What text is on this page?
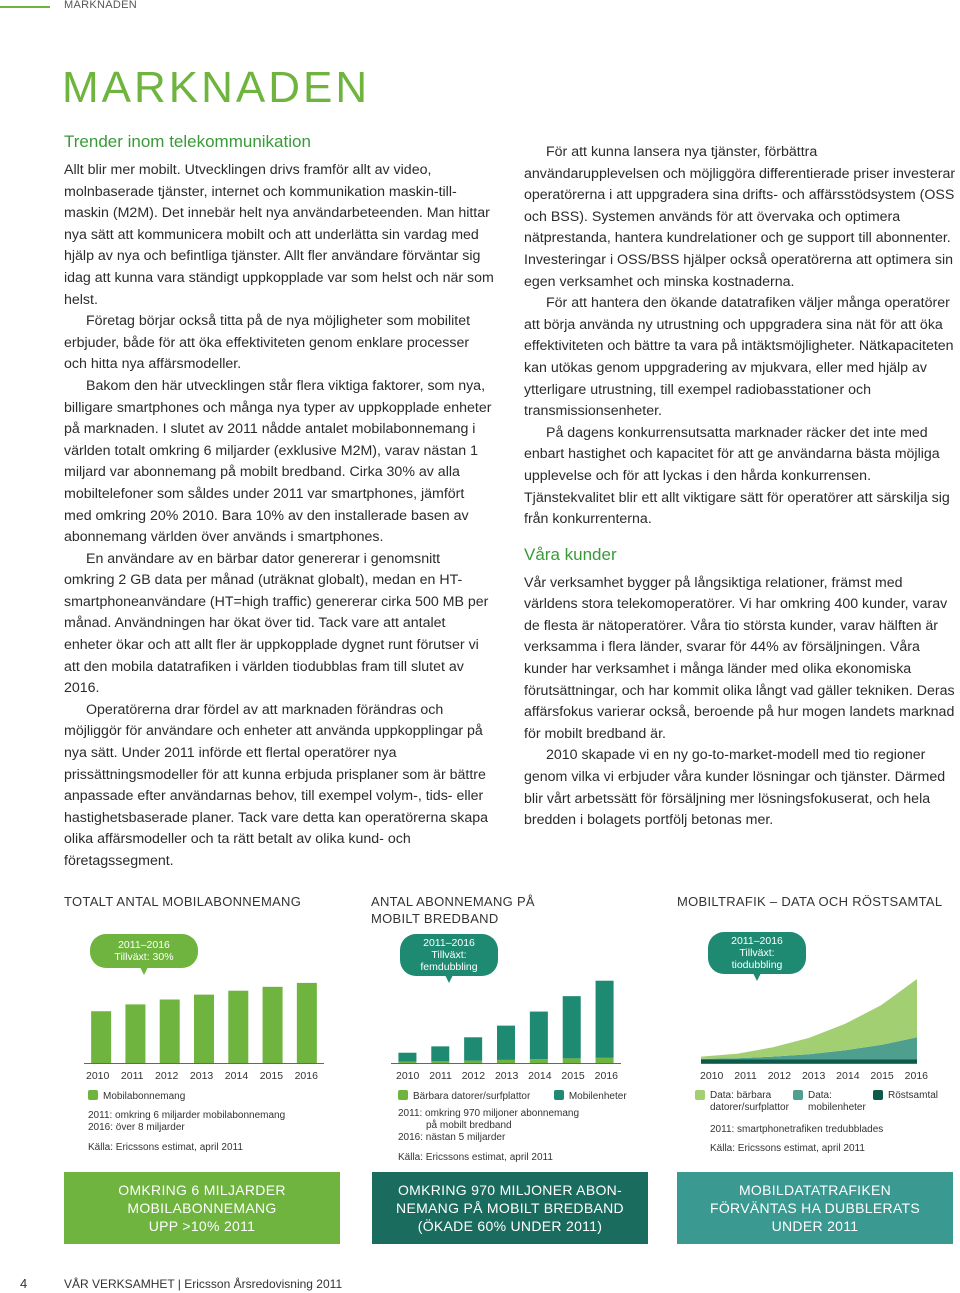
MARKNADEN
MARKNADEN
Trender inom telekommunikation

Allt blir mer mobilt. Utvecklingen drivs framför allt av video, molnbaserade tjänster, internet och kommunikation maskin-till-maskin (M2M). Det innebär helt nya användarbeteenden. Man hittar nya sätt att kommunicera mobilt och att underlätta sin vardag med hjälp av nya och befintliga tjänster. Allt fler användare förväntar sig idag att kunna vara ständigt uppkopplade var som helst och när som helst.

Företag börjar också titta på de nya möjligheter som mobilitet erbjuder, både för att öka effektiviteten genom enklare processer och hitta nya affärsmodeller.

Bakom den här utvecklingen står flera viktiga faktorer, som nya, billigare smartphones och många nya typer av uppkopplade enheter på marknaden. I slutet av 2011 nådde antalet mobilabonnemang i världen totalt omkring 6 miljarder (exklusive M2M), varav nästan 1 miljard var abonnemang på mobilt bredband. Cirka 30% av alla mobiltelefoner som såldes under 2011 var smartphones, jämfört med omkring 20% 2010. Bara 10% av den installerade basen av abonnemang världen över används i smartphones.

En användare av en bärbar dator genererar i genomsnitt omkring 2 GB data per månad (uträknat globalt), medan en HT-smartphoneanvändare (HT=high traffic) genererar cirka 500 MB per månad. Användningen har ökat över tid. Tack vare att antalet enheter ökar och att allt fler är uppkopplade dygnet runt förutser vi att den mobila datatrafiken i världen tiodubblas fram till slutet av 2016.

Operatörerna drar fördel av att marknaden förändras och möjliggör för användare och enheter att använda uppkopplingar på nya sätt. Under 2011 införde ett flertal operatörer nya prissättningsmodeller för att kunna erbjuda prisplaner som är bättre anpassade efter användarnas behov, till exempel volym-, tids- eller hastighetsbaserade planer. Tack vare detta kan operatörerna skapa olika affärsmodeller och ta rätt betalt av olika kund- och företagssegment.

För att kunna lansera nya tjänster, förbättra användarupplevelsen och möjliggöra differentierade priser investerar operatörerna i att uppgradera sina drifts- och affärsstödsystem (OSS och BSS). Systemen används för att övervaka och optimera nätprestanda, hantera kundrelationer och ge support till abonnenter. Investeringar i OSS/BSS hjälper också operatörerna att optimera sin egen verksamhet och minska kostnaderna.

För att hantera den ökande datatrafiken väljer många operatörer att börja använda ny utrustning och uppgradera sina nät för att öka effektiviteten och bättre ta vara på intäktsmöjligheter. Nätkapaciteten kan utökas genom uppgradering av mjukvara, eller med hjälp av ytterligare utrustning, till exempel radiobasstationer och transmissionsenheter.

På dagens konkurrensutsatta marknader räcker det inte med enbart hastighet och kapacitet för att ge användarna bästa möjliga upplevelse och för att lyckas i den hårda konkurrensen. Tjänstekvalitet blir ett allt viktigare sätt för operatörer att särskilja sig från konkurrenterna.

Våra kunder

Vår verksamhet bygger på långsiktiga relationer, främst med världens stora telekomoperatörer. Vi har omkring 400 kunder, varav de flesta är nätoperatörer. Våra tio största kunder, varav hälften är verksamma i flera länder, svarar för 44% av försäljningen. Våra kunder har verksamhet i många länder med olika ekonomiska förutsättningar, och har kommit olika långt vad gäller tekniken. Deras affärsfokus varierar också, beroende på hur mogen landets marknad för mobilt bredband är.

2010 skapade vi en ny go-to-market-modell med tio regioner genom vilka vi erbjuder våra kunder lösningar och tjänster. Därmed blir vårt arbetssätt för försäljning mer lösningsfokuserat, och hela bredden i bolagets portfölj betonas mer.

TOTALT ANTAL MOBILABONNEMANG
2011–2016
Tillväxt: 30%
2010 2011 2012 2013 2014 2015 2016
Mobilabonnemang
2011: omkring 6 miljarder mobilabonnemang
2016: över 8 miljarder
Källa: Ericssons estimat, april 2011
ANTAL ABONNEMANG PÅ MOBILT BREDBAND
2011–2016
Tillväxt:
femdubbling
2010 2011 2012 2013 2014 2015 2016
Bärbara datorer/surfplattor	Mobilenheter
2011: omkring 970 miljoner abonnemang
på mobilt bredband
2016: nästan 5 miljarder
Källa: Ericssons estimat, april 2011
MOBILTRAFIK – DATA OCH RÖSTSAMTAL
2011–2016
Tillväxt:
tiodubbling
2010 2011 2012 2013 2014 2015 2016
Data: bärbara datorer/surfplattor
Data: mobilenheter
Röstsamtal
2011: smartphonetrafiken tredubblades
Källa: Ericssons estimat, april 2011
OMKRING 6 MILJARDER
MOBILABONNEMANG
UPP >10% 2011
OMKRING 970 MILJONER ABON-
NEMANG PÅ MOBILT BREDBAND
(ÖKADE 60% UNDER 2011)
MOBILDATATRAFIKEN
FÖRVÄNTAS HA DUBBLERATS
UNDER 2011
4	VÅR VERKSAMHET | Ericsson Årsredovisning 2011
